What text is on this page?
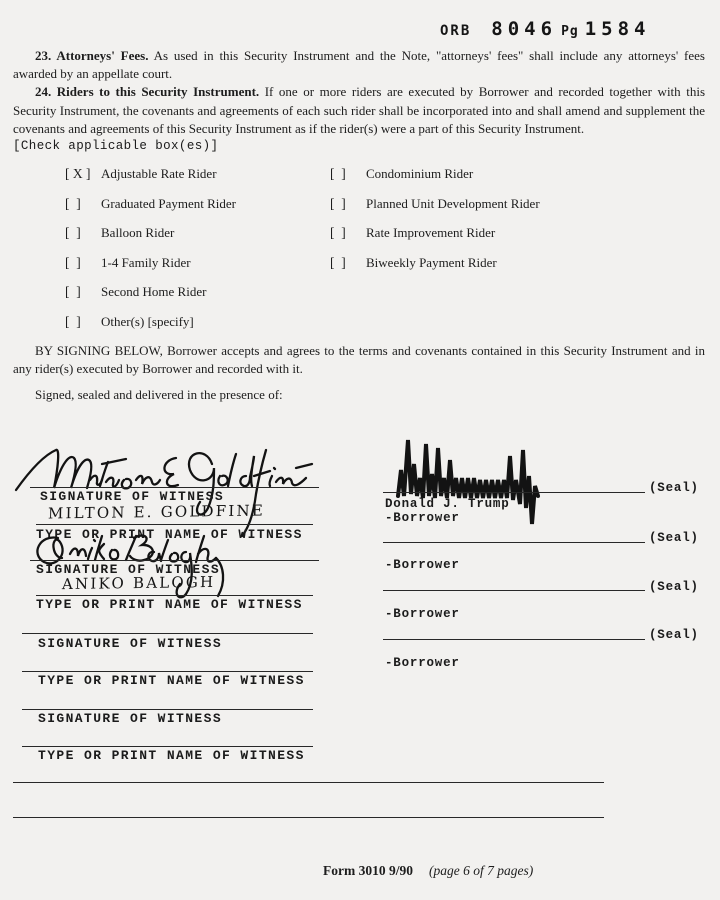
ORB 8046 Pg 1584

23. Attorneys' Fees. As used in this Security Instrument and the Note, "attorneys' fees" shall include any attorneys' fees awarded by an appellate court.

24. Riders to this Security Instrument. If one or more riders are executed by Borrower and recorded together with this Security Instrument, the covenants and agreements of each such rider shall be incorporated into and shall amend and supplement the covenants and agreements of this Security Instrument as if the rider(s) were a part of this Security Instrument.

[Check applicable box(es)]
[ X ] Adjustable Rate Rider
[  ] Graduated Payment Rider
[  ] Balloon Rider
[  ] 1-4 Family Rider
[  ] Second Home Rider
[  ] Other(s) [specify]
[  ] Condominium Rider
[  ] Planned Unit Development Rider
[  ] Rate Improvement Rider
[  ] Biweekly Payment Rider

BY SIGNING BELOW, Borrower accepts and agrees to the terms and covenants contained in this Security Instrument and in any rider(s) executed by Borrower and recorded with it.

Signed, sealed and delivered in the presence of:
SIGNATURE OF WITNESS
MILTON E. GOLDFINE
TYPE OR PRINT NAME OF WITNESS
SIGNATURE OF WITNESS
ANIKO BALOGH
TYPE OR PRINT NAME OF WITNESS
SIGNATURE OF WITNESS
TYPE OR PRINT NAME OF WITNESS
SIGNATURE OF WITNESS
TYPE OR PRINT NAME OF WITNESS
(Seal)
Donald J. Trump
-Borrower
(Seal)
-Borrower
(Seal)
-Borrower
(Seal)
-Borrower
Form 3010 9/90 (page 6 of 7 pages)
